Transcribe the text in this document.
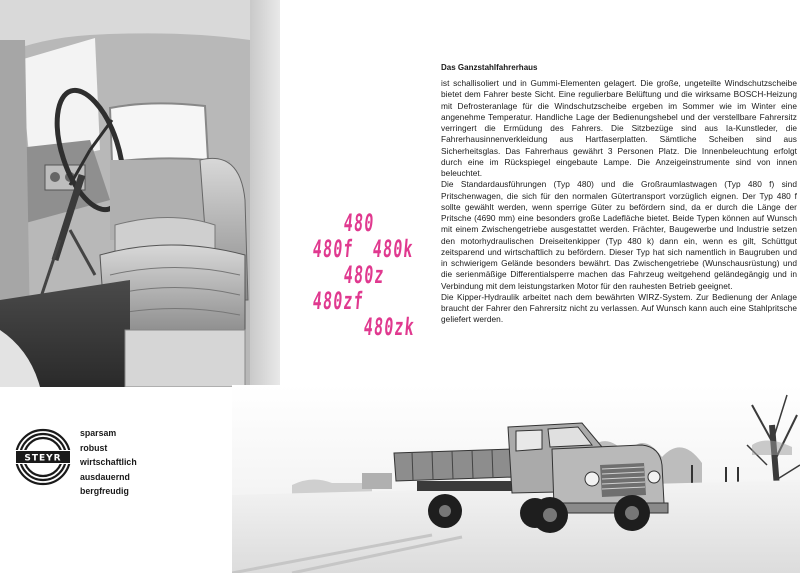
480
480f 480k
480z
480zf
480zk
Das Ganzstahlfahrerhaus

ist schallisoliert und in Gummi-Elementen gelagert. Die große, ungeteilte Windschutzscheibe bietet dem Fahrer beste Sicht. Eine regulierbare Belüftung und die wirksame BOSCH-Heizung mit Defrosteranlage für die Windschutzscheibe ergeben im Sommer wie im Winter eine angenehme Temperatur. Handliche Lage der Bedienungshebel und der verstellbare Fahrersitz verringert die Ermüdung des Fahrers. Die Sitzbezüge sind aus Ia-Kunstleder, die Fahrerhausinnenverkleidung aus Hartfaserplatten. Sämtliche Scheiben sind aus Sicherheitsglas. Das Fahrerhaus gewährt 3 Personen Platz. Die Innenbeleuchtung erfolgt durch eine im Rückspiegel eingebaute Lampe. Die Anzeigeinstrumente sind von innen beleuchtet.

Die Standardausführungen (Typ 480) und die Großraumlastwagen (Typ 480 f) sind Pritschenwagen, die sich für den normalen Gütertransport vorzüglich eignen. Der Typ 480 f sollte gewählt werden, wenn sperrige Güter zu befördern sind, da er durch die Länge der Pritsche (4690 mm) eine besonders große Ladefläche bietet. Beide Typen können auf Wunsch mit einem Zwischengetriebe ausgestattet werden. Frächter, Baugewerbe und Industrie setzen den motorhydraulischen Dreiseitenkipper (Typ 480 k) dann ein, wenn es gilt, Schüttgut zeitsparend und wirtschaftlich zu befördern. Dieser Typ hat sich namentlich in Baugruben und in schwierigem Gelände besonders bewährt. Das Zwischengetriebe (Wunschausrüstung) und die serienmäßige Differentialsperre machen das Fahrzeug weitgehend geländegängig und in Verbindung mit dem leistungstarken Motor für den rauhesten Betrieb geeignet.

Die Kipper-Hydraulik arbeitet nach dem bewährten WIRZ-System. Zur Bedienung der Anlage braucht der Fahrer den Fahrersitz nicht zu verlassen. Auf Wunsch kann auch eine Stahlpritsche geliefert werden.

STEYR
sparsam
robust
wirtschaftlich
ausdauernd
bergfreudig
